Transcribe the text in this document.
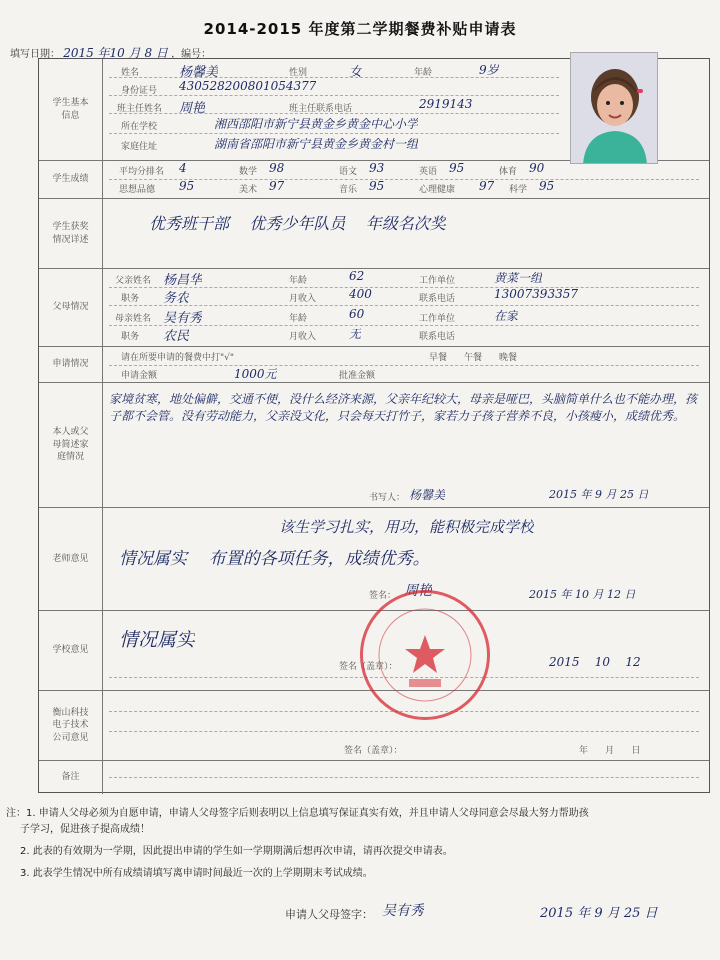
2014-2015 年度第二学期餐费补贴申请表
填写日期： 2015 年10 月 8 日 ，编号：
学生基本信息
姓名	杨馨美	性别	女	年龄	9岁
身份证号 430528200801054377
班主任姓名 周艳	班主任联系电话	2919143
所在学校	湘西邵阳市新宁县黄金乡黄金中心小学
家庭住址	湖南省邵阳市新宁县黄金乡黄金村一组
学生成绩
平均分排名 4	数学 98	语文 93	英语 95	体育 90
思想品德 95	美术 97	音乐 95	心理健康 97 科学 95
学生获奖情况详述
优秀班干部    优秀少年队员    年级名次奖
父母情况
父亲姓名 杨昌华	年龄	62	工作单位	黄菜一组
职务 务农	月收入	400	联系电话	13007393357
母亲姓名 吴有秀	年龄	60	工作单位	在家
职务 农民	月收入	无	联系电话
申请情况
请在所要申请的餐费中打"√"	早餐 午餐 晚餐
申请金额	1000元	批准金额
本人或父母简述家庭情况
家境贫寒，地处偏僻，交通不便，没什么经济来源，父亲年纪较大，母亲是哑巴，头脑简单什么也不能办理，孩子都不会管。没有劳动能力，父亲没文化，只会每天打竹子，家若力子孩子营养不良，小孩瘦小，成绩优秀。
书写人： 杨馨美	2015 年 9 月 25 日
老师意见
该生学习扎实，用功，能积极完成学校
情况属实    布置的各项任务，成绩优秀。
签名： 周艳	2015 年 10 月 12 日
学校意见	情况属实
签名（盖章）：	2015    10    12
衡山科技电子技术公司意见
签名（盖章）：	年      月      日
备注
注：1. 申请人父母必须为自愿申请，申请人父母签字后则表明以上信息填写保证真实有效，并且申请人父母同意会尽最大努力帮助孩
子学习，促进孩子提高成绩！
2. 此表的有效期为一学期，因此提出申请的学生如一学期期满后想再次申请，请再次提交申请表。
3. 此表学生情况中所有成绩请填写离申请时间最近一次的上学期期末考试成绩。
申请人父母签字： 吴有秀	2015 年 9 月 25 日
